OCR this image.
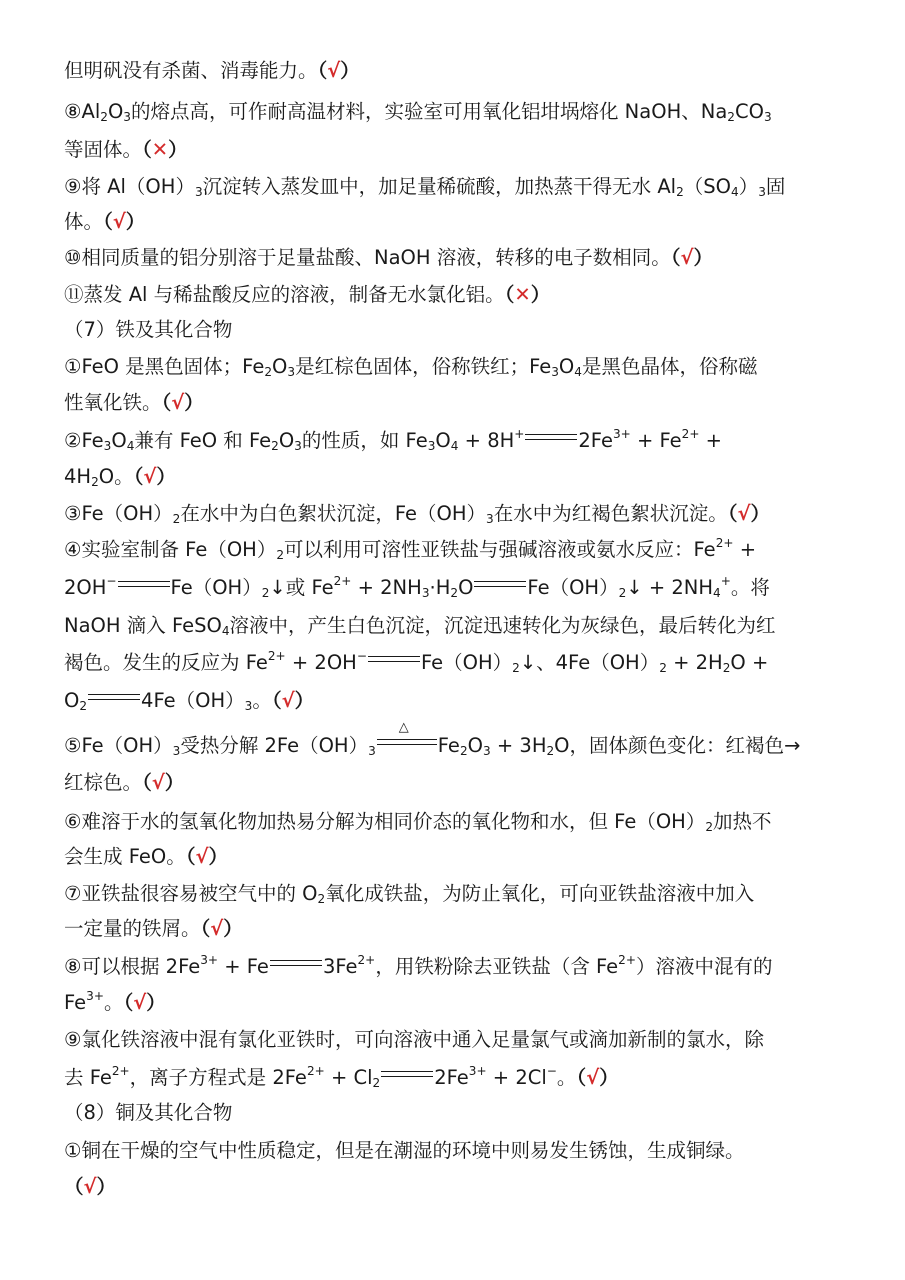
但明矾没有杀菌、消毒能力。（√）
$⑧Al_2O_3$的熔点高，可作耐高温材料，实验室可用氧化铝坩埚熔化 NaOH、$Na_2CO_3$
等固体。（✕）
⑨将 $Al(OH)_3$沉淀转入蒸发皿中，加足量稀硫酸，加热蒸干得无水 $Al_2(SO_4)_3$固
体。（√）
⑩相同质量的铝分别溶于足量盐酸、NaOH 溶液，转移的电子数相同。（√）
⑪蒸发 Al 与稀盐酸反应的溶液，制备无水氯化铝。（✕）
（7）铁及其化合物
①FeO 是黑色固体；$Fe_2O_3$是红棕色固体，俗称铁红；$Fe_3O_4$是黑色晶体，俗称磁
性氧化铁。（√）
$②Fe_3O_4$兼有 FeO 和 $Fe_2O_3$的性质，如 $Fe_3O_4 + 8H^+$	$2Fe^{3+} + Fe^{2+}$ +
$4H_2O$。（√）
$③Fe(OH)_2$在水中为白色絮状沉淀，$Fe(OH)_3$在水中为红褐色絮状沉淀。（√）
④实验室制备 $Fe(OH)_2$可以利用可溶性亚铁盐与强碱溶液或氨水反应：$Fe^{2+}$ +
2OH−	$Fe(OH)_2↓$或 $Fe^{2+} + 2NH_3\cdot H_2O$	$Fe(OH)_2↓ + 2NH_4^+$。将
NaOH 滴入 FeSO$_4$溶液中，产生白色沉淀，沉淀迅速转化为灰绿色，最后转化为红
褐色。发生的反应为 $Fe^{2+} + 2OH^-$	$Fe(OH)_2↓$、$4Fe(OH)_2 + 2H_2O$ +
$O_2$	$4Fe(OH)_3$。（√）
$⑤Fe(OH)_3$受热分解 $2Fe(OH)_3$
△
$Fe_2O_3 + 3H_2O$，固体颜色变化：红褐色→
红棕色。（√）
⑥难溶于水的氢氧化物加热易分解为相同价态的氧化物和水，但 $Fe(OH)_2$加热不
会生成 FeO。（√）
⑦亚铁盐很容易被空气中的 $O_2$氧化成铁盐，为防止氧化，可向亚铁盐溶液中加入
一定量的铁屑。（√）
⑧可以根据 $2Fe^{3+} + Fe$	$3Fe^{2+}$，用铁粉除去亚铁盐（含 $Fe^{2+}$）溶液中混有的
$Fe^{3+}$。（√）
⑨氯化铁溶液中混有氯化亚铁时，可向溶液中通入足量氯气或滴加新制的氯水，除
去 $Fe^{2+}$，离子方程式是 $2Fe^{2+} + Cl_2$	$2Fe^{3+} + 2Cl^-$。（√）
（8）铜及其化合物
①铜在干燥的空气中性质稳定，但是在潮湿的环境中则易发生锈蚀，生成铜绿。
（√）
